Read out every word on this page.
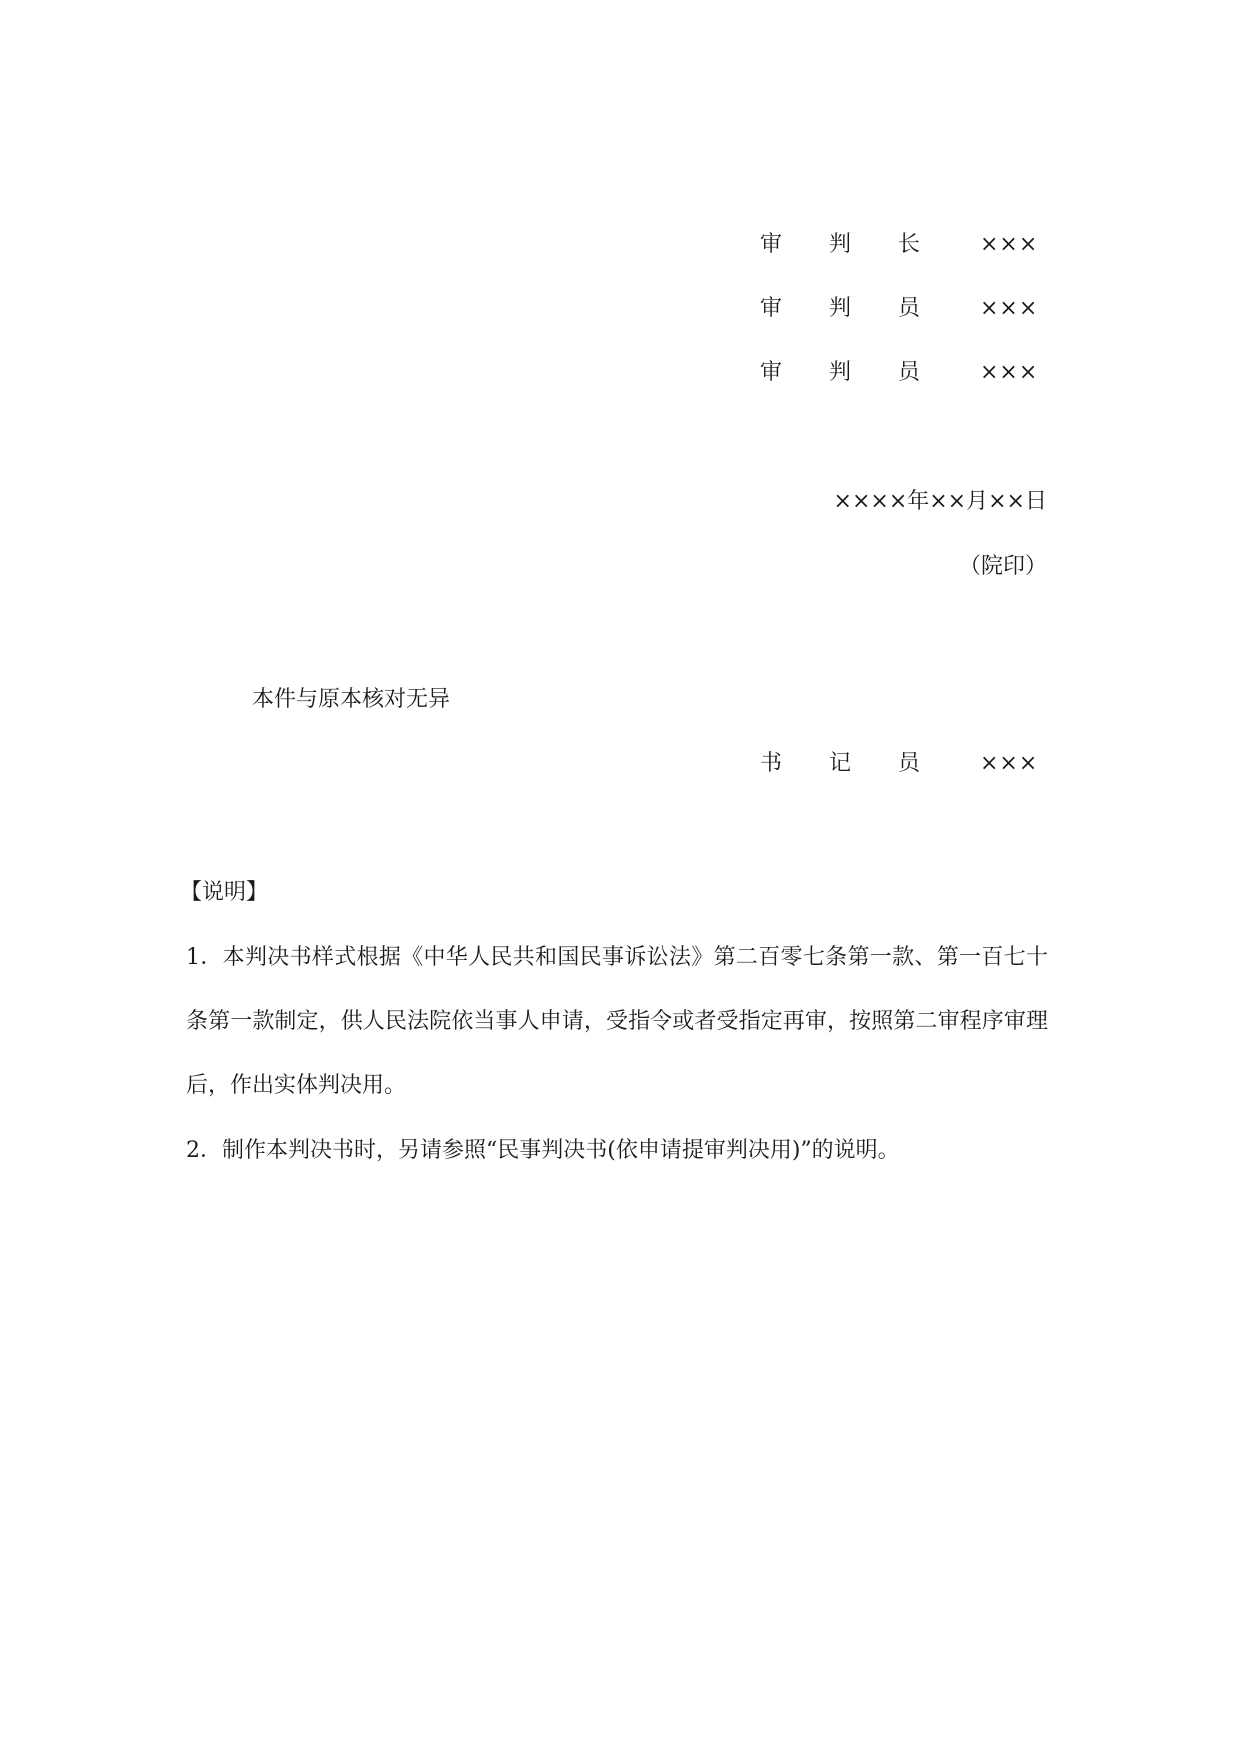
审 判 长	×××
审 判 员	×××
审 判 员	×××
××××年××月××日
（院印）
本件与原本核对无异
书 记 员	×××
【说明】
1．本判决书样式根据《中华人民共和国民事诉讼法》第二百零七条第一款、第一百七十条第一款制定，供人民法院依当事人申请，受指令或者受指定再审，按照第二审程序审理后，作出实体判决用。
2．制作本判决书时，另请参照“民事判决书(依申请提审判决用)”的说明。
